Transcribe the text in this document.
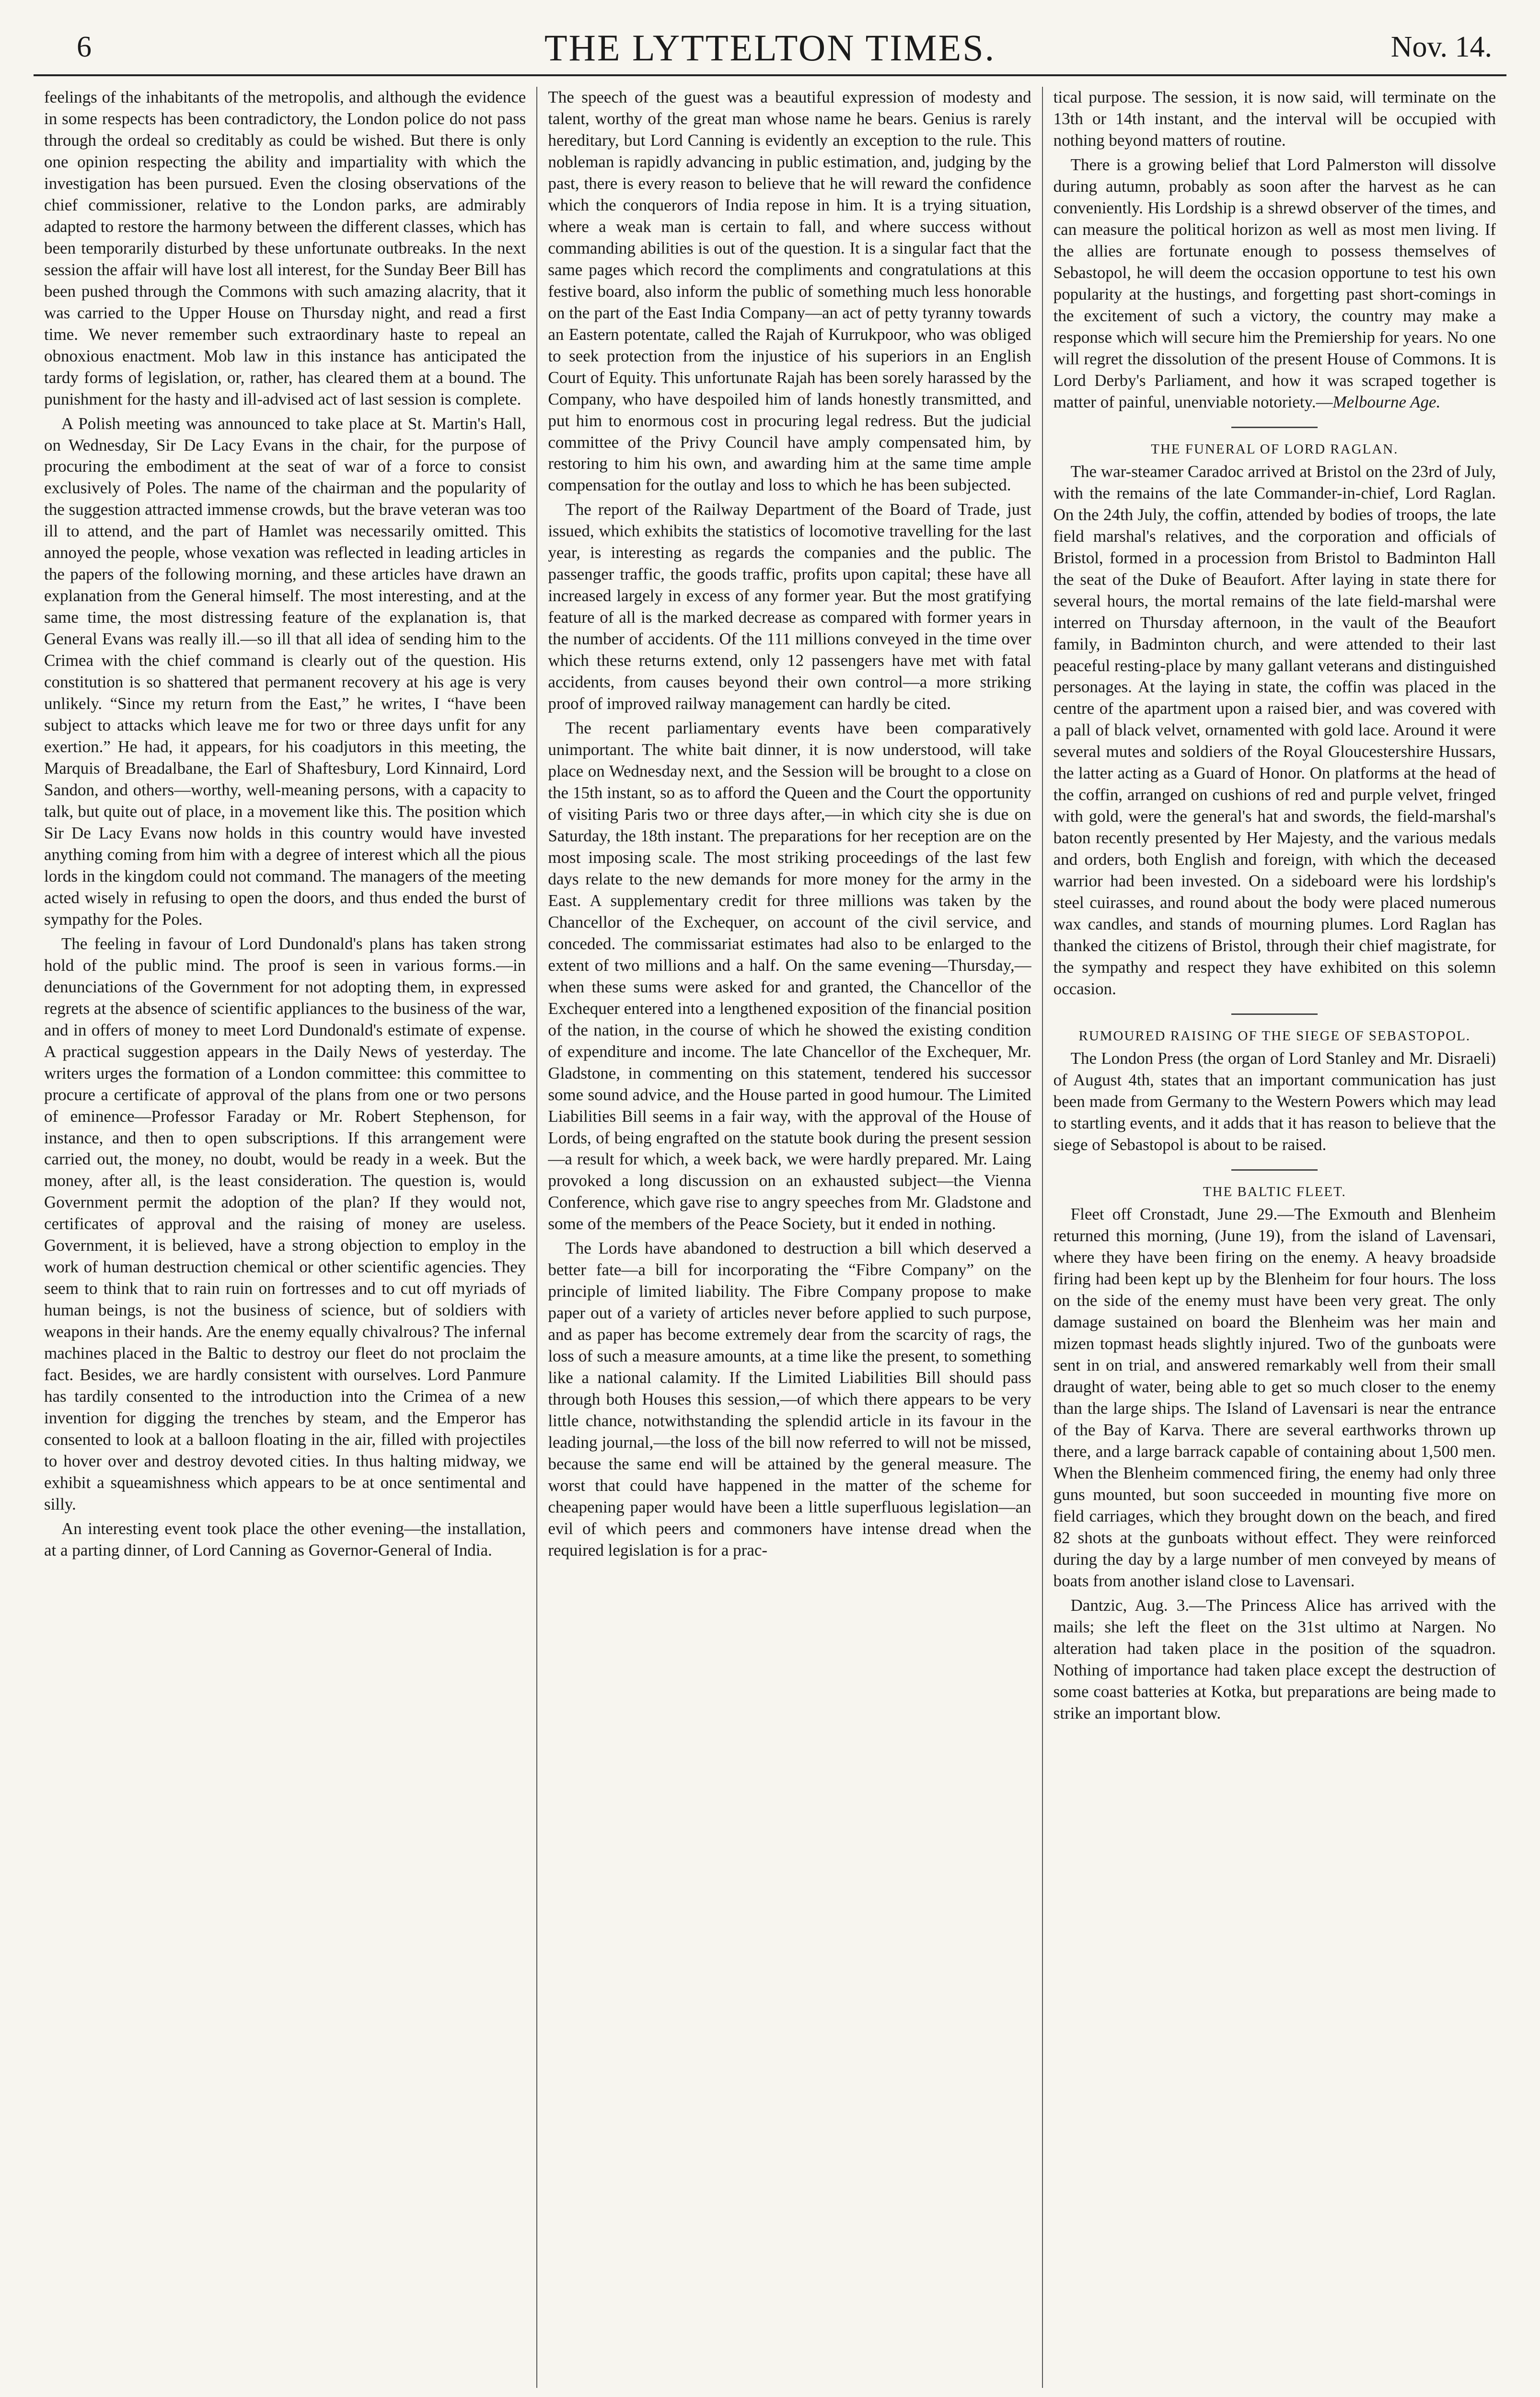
6	THE LYTTELTON TIMES.	Nov. 14.

feelings of the inhabitants of the metropolis, and although the evidence in some respects has been contradictory, the London police do not pass through the ordeal so creditably as could be wished. But there is only one opinion respecting the ability and impartiality with which the investigation has been pursued. Even the closing observations of the chief commissioner, relative to the London parks, are admirably adapted to restore the harmony between the different classes, which has been temporarily disturbed by these unfortunate outbreaks. In the next session the affair will have lost all interest, for the Sunday Beer Bill has been pushed through the Commons with such amazing alacrity, that it was carried to the Upper House on Thursday night, and read a first time. We never remember such extraordinary haste to repeal an obnoxious enactment. Mob law in this instance has anticipated the tardy forms of legislation, or, rather, has cleared them at a bound. The punishment for the hasty and ill-advised act of last session is complete.

A Polish meeting was announced to take place at St. Martin's Hall, on Wednesday, Sir De Lacy Evans in the chair, for the purpose of procuring the embodiment at the seat of war of a force to consist exclusively of Poles. The name of the chairman and the popularity of the suggestion attracted immense crowds, but the brave veteran was too ill to attend, and the part of Hamlet was necessarily omitted. This annoyed the people, whose vexation was reflected in leading articles in the papers of the following morning, and these articles have drawn an explanation from the General himself. The most interesting, and at the same time, the most distressing feature of the explanation is, that General Evans was really ill.—so ill that all idea of sending him to the Crimea with the chief command is clearly out of the question. His constitution is so shattered that permanent recovery at his age is very unlikely. “Since my return from the East,” he writes, I “have been subject to attacks which leave me for two or three days unfit for any exertion.” He had, it appears, for his coadjutors in this meeting, the Marquis of Breadalbane, the Earl of Shaftesbury, Lord Kinnaird, Lord Sandon, and others—worthy, well-meaning persons, with a capacity to talk, but quite out of place, in a movement like this. The position which Sir De Lacy Evans now holds in this country would have invested anything coming from him with a degree of interest which all the pious lords in the kingdom could not command. The managers of the meeting acted wisely in refusing to open the doors, and thus ended the burst of sympathy for the Poles.

The feeling in favour of Lord Dundonald's plans has taken strong hold of the public mind. The proof is seen in various forms.—in denunciations of the Government for not adopting them, in expressed regrets at the absence of scientific appliances to the business of the war, and in offers of money to meet Lord Dundonald's estimate of expense. A practical suggestion appears in the Daily News of yesterday. The writers urges the formation of a London committee: this committee to procure a certificate of approval of the plans from one or two persons of eminence—Professor Faraday or Mr. Robert Stephenson, for instance, and then to open subscriptions. If this arrangement were carried out, the money, no doubt, would be ready in a week. But the money, after all, is the least consideration. The question is, would Government permit the adoption of the plan? If they would not, certificates of approval and the raising of money are useless. Government, it is believed, have a strong objection to employ in the work of human destruction chemical or other scientific agencies. They seem to think that to rain ruin on fortresses and to cut off myriads of human beings, is not the business of science, but of soldiers with weapons in their hands. Are the enemy equally chivalrous? The infernal machines placed in the Baltic to destroy our fleet do not proclaim the fact. Besides, we are hardly consistent with ourselves. Lord Panmure has tardily consented to the introduction into the Crimea of a new invention for digging the trenches by steam, and the Emperor has consented to look at a balloon floating in the air, filled with projectiles to hover over and destroy devoted cities. In thus halting midway, we exhibit a squeamishness which appears to be at once sentimental and silly.

An interesting event took place the other evening—the installation, at a parting dinner, of Lord Canning as Governor-General of India.

The speech of the guest was a beautiful expression of modesty and talent, worthy of the great man whose name he bears. Genius is rarely hereditary, but Lord Canning is evidently an exception to the rule. This nobleman is rapidly advancing in public estimation, and, judging by the past, there is every reason to believe that he will reward the confidence which the conquerors of India repose in him. It is a trying situation, where a weak man is certain to fall, and where success without commanding abilities is out of the question. It is a singular fact that the same pages which record the compliments and congratulations at this festive board, also inform the public of something much less honorable on the part of the East India Company—an act of petty tyranny towards an Eastern potentate, called the Rajah of Kurrukpoor, who was obliged to seek protection from the injustice of his superiors in an English Court of Equity. This unfortunate Rajah has been sorely harassed by the Company, who have despoiled him of lands honestly transmitted, and put him to enormous cost in procuring legal redress. But the judicial committee of the Privy Council have amply compensated him, by restoring to him his own, and awarding him at the same time ample compensation for the outlay and loss to which he has been subjected.

The report of the Railway Department of the Board of Trade, just issued, which exhibits the statistics of locomotive travelling for the last year, is interesting as regards the companies and the public. The passenger traffic, the goods traffic, profits upon capital; these have all increased largely in excess of any former year. But the most gratifying feature of all is the marked decrease as compared with former years in the number of accidents. Of the 111 millions conveyed in the time over which these returns extend, only 12 passengers have met with fatal accidents, from causes beyond their own control—a more striking proof of improved railway management can hardly be cited.

The recent parliamentary events have been comparatively unimportant. The white bait dinner, it is now understood, will take place on Wednesday next, and the Session will be brought to a close on the 15th instant, so as to afford the Queen and the Court the opportunity of visiting Paris two or three days after,—in which city she is due on Saturday, the 18th instant. The preparations for her reception are on the most imposing scale. The most striking proceedings of the last few days relate to the new demands for more money for the army in the East. A supplementary credit for three millions was taken by the Chancellor of the Exchequer, on account of the civil service, and conceded. The commissariat estimates had also to be enlarged to the extent of two millions and a half. On the same evening—Thursday,—when these sums were asked for and granted, the Chancellor of the Exchequer entered into a lengthened exposition of the financial position of the nation, in the course of which he showed the existing condition of expenditure and income. The late Chancellor of the Exchequer, Mr. Gladstone, in commenting on this statement, tendered his successor some sound advice, and the House parted in good humour. The Limited Liabilities Bill seems in a fair way, with the approval of the House of Lords, of being engrafted on the statute book during the present session—a result for which, a week back, we were hardly prepared. Mr. Laing provoked a long discussion on an exhausted subject—the Vienna Conference, which gave rise to angry speeches from Mr. Gladstone and some of the members of the Peace Society, but it ended in nothing.

The Lords have abandoned to destruction a bill which deserved a better fate—a bill for incorporating the “Fibre Company” on the principle of limited liability. The Fibre Company propose to make paper out of a variety of articles never before applied to such purpose, and as paper has become extremely dear from the scarcity of rags, the loss of such a measure amounts, at a time like the present, to something like a national calamity. If the Limited Liabilities Bill should pass through both Houses this session,—of which there appears to be very little chance, notwithstanding the splendid article in its favour in the leading journal,—the loss of the bill now referred to will not be missed, because the same end will be attained by the general measure. The worst that could have happened in the matter of the scheme for cheapening paper would have been a little superfluous legislation—an evil of which peers and commoners have intense dread when the required legislation is for a prac-

tical purpose. The session, it is now said, will terminate on the 13th or 14th instant, and the interval will be occupied with nothing beyond matters of routine.

There is a growing belief that Lord Palmerston will dissolve during autumn, probably as soon after the harvest as he can conveniently. His Lordship is a shrewd observer of the times, and can measure the political horizon as well as most men living. If the allies are fortunate enough to possess themselves of Sebastopol, he will deem the occasion opportune to test his own popularity at the hustings, and forgetting past short-comings in the excitement of such a victory, the country may make a response which will secure him the Premiership for years. No one will regret the dissolution of the present House of Commons. It is Lord Derby's Parliament, and how it was scraped together is matter of painful, unenviable notoriety.—Melbourne Age.

THE FUNERAL OF LORD RAGLAN.

The war-steamer Caradoc arrived at Bristol on the 23rd of July, with the remains of the late Commander-in-chief, Lord Raglan. On the 24th July, the coffin, attended by bodies of troops, the late field marshal's relatives, and the corporation and officials of Bristol, formed in a procession from Bristol to Badminton Hall the seat of the Duke of Beaufort. After laying in state there for several hours, the mortal remains of the late field-marshal were interred on Thursday afternoon, in the vault of the Beaufort family, in Badminton church, and were attended to their last peaceful resting-place by many gallant veterans and distinguished personages. At the laying in state, the coffin was placed in the centre of the apartment upon a raised bier, and was covered with a pall of black velvet, ornamented with gold lace. Around it were several mutes and soldiers of the Royal Gloucestershire Hussars, the latter acting as a Guard of Honor. On platforms at the head of the coffin, arranged on cushions of red and purple velvet, fringed with gold, were the general's hat and swords, the field-marshal's baton recently presented by Her Majesty, and the various medals and orders, both English and foreign, with which the deceased warrior had been invested. On a sideboard were his lordship's steel cuirasses, and round about the body were placed numerous wax candles, and stands of mourning plumes. Lord Raglan has thanked the citizens of Bristol, through their chief magistrate, for the sympathy and respect they have exhibited on this solemn occasion.

RUMOURED RAISING OF THE SIEGE OF SEBASTOPOL.

The London Press (the organ of Lord Stanley and Mr. Disraeli) of August 4th, states that an important communication has just been made from Germany to the Western Powers which may lead to startling events, and it adds that it has reason to believe that the siege of Sebastopol is about to be raised.

THE BALTIC FLEET.

Fleet off Cronstadt, June 29.—The Exmouth and Blenheim returned this morning, (June 19), from the island of Lavensari, where they have been firing on the enemy. A heavy broadside firing had been kept up by the Blenheim for four hours. The loss on the side of the enemy must have been very great. The only damage sustained on board the Blenheim was her main and mizen topmast heads slightly injured. Two of the gunboats were sent in on trial, and answered remarkably well from their small draught of water, being able to get so much closer to the enemy than the large ships. The Island of Lavensari is near the entrance of the Bay of Karva. There are several earthworks thrown up there, and a large barrack capable of containing about 1,500 men. When the Blenheim commenced firing, the enemy had only three guns mounted, but soon succeeded in mounting five more on field carriages, which they brought down on the beach, and fired 82 shots at the gunboats without effect. They were reinforced during the day by a large number of men conveyed by means of boats from another island close to Lavensari.

Dantzic, Aug. 3.—The Princess Alice has arrived with the mails; she left the fleet on the 31st ultimo at Nargen. No alteration had taken place in the position of the squadron. Nothing of importance had taken place except the destruction of some coast batteries at Kotka, but preparations are being made to strike an important blow.
